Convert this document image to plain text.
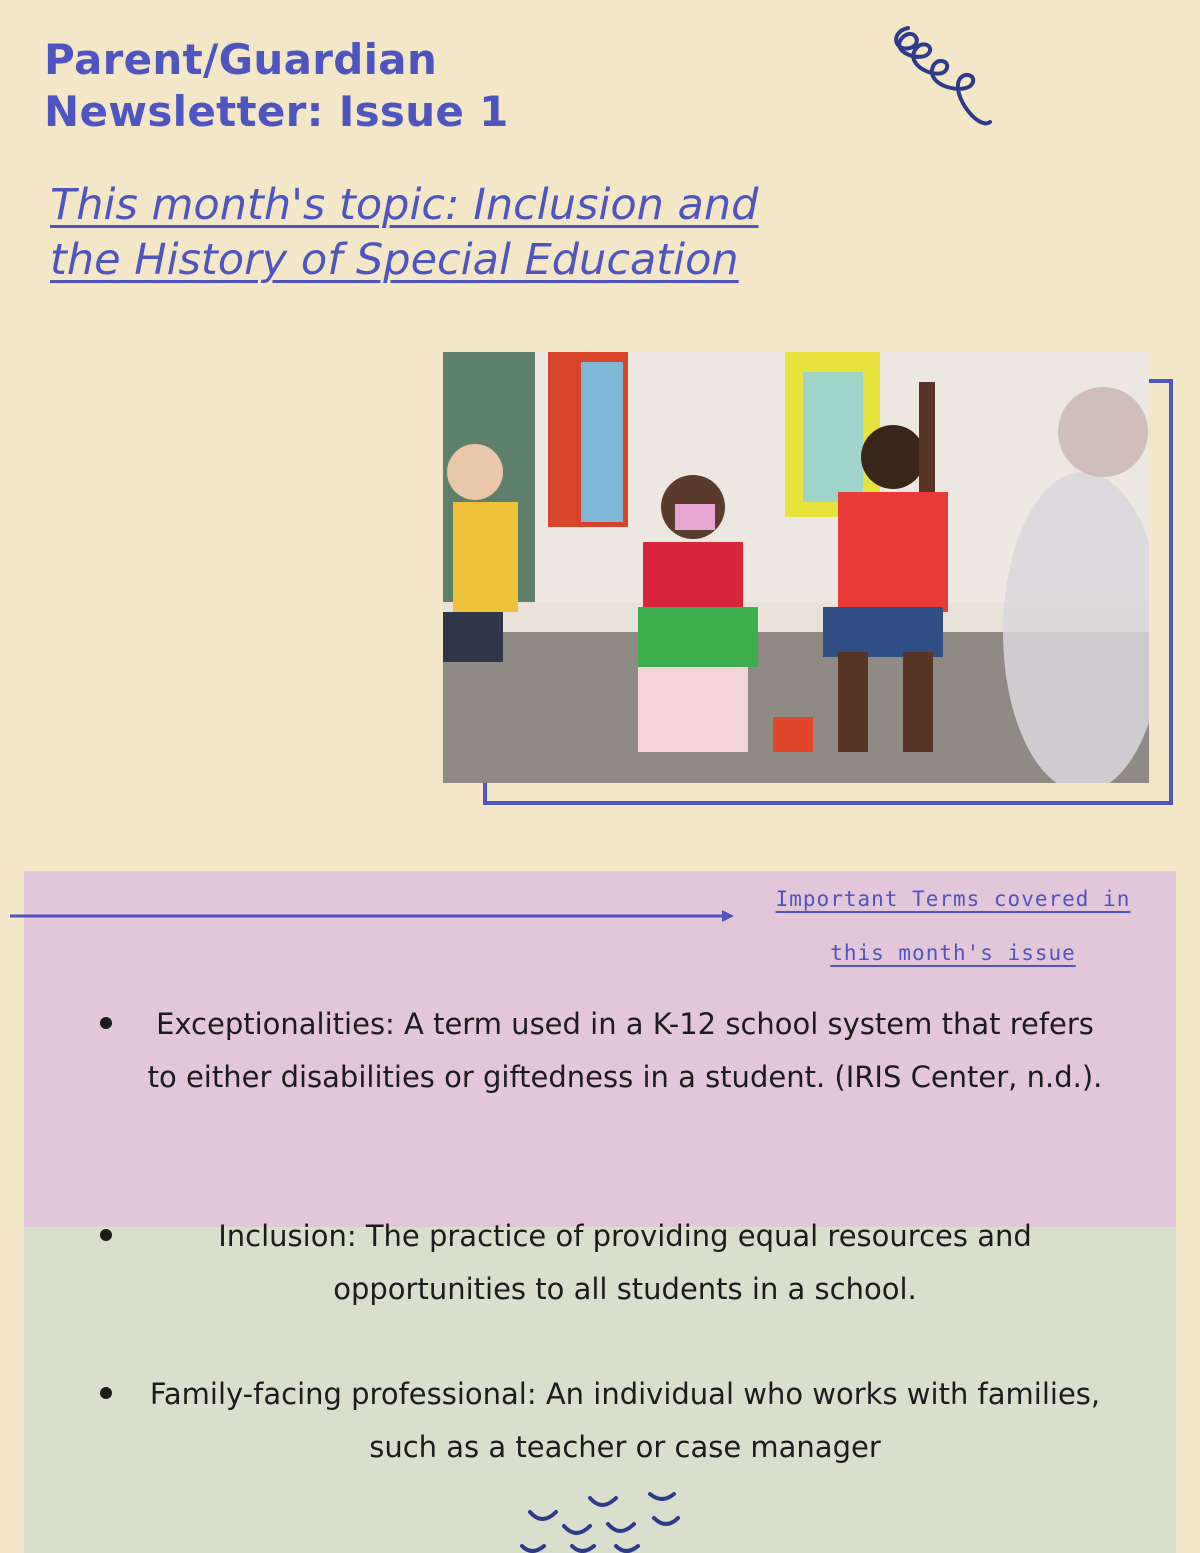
Parent/Guardian
Newsletter: Issue 1
This month's topic: Inclusion and
the History of Special Education
Important Terms covered in
this month's issue
Exceptionalities: A term used in a K-12 school system that refers to either disabilities or giftedness in a student. (IRIS Center, n.d.).
Inclusion: The practice of providing equal resources and opportunities to all students in a school.
Family-facing professional: An individual who works with families, such as a teacher or case manager
